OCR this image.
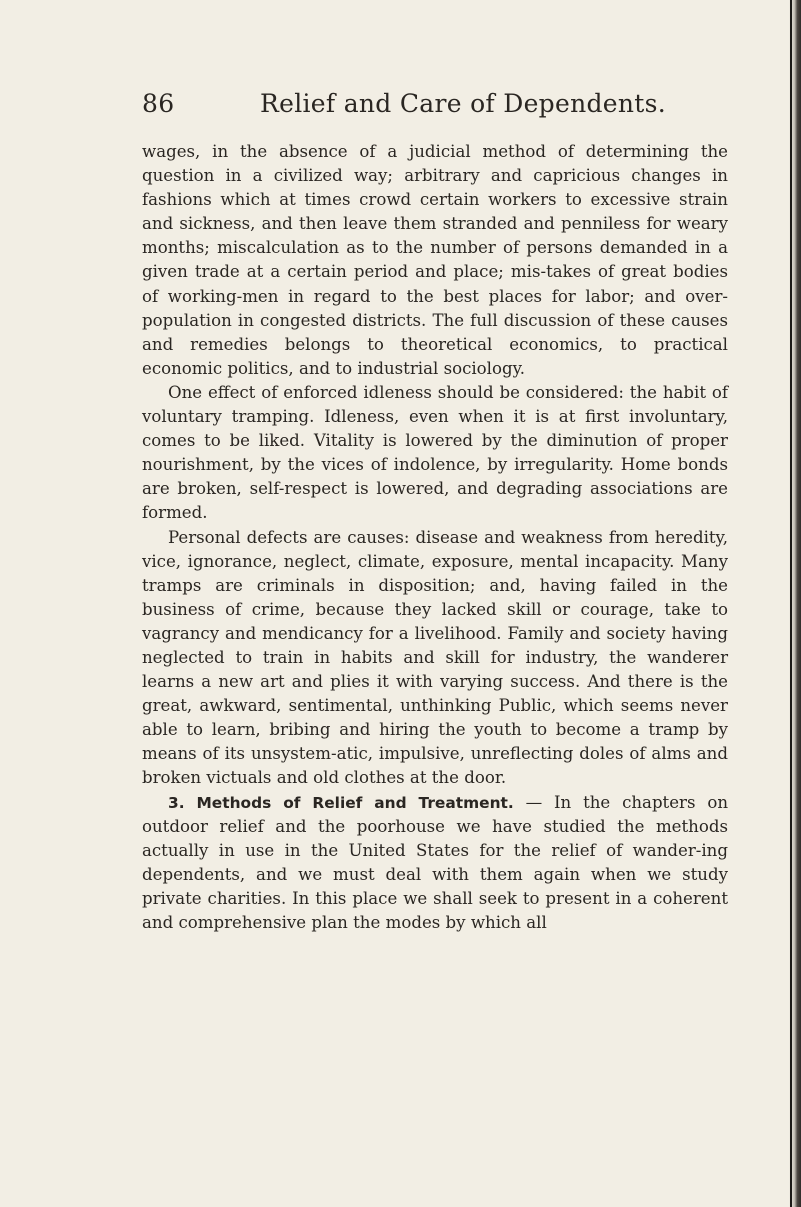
86	Relief and Care of Dependents.

wages, in the absence of a judicial method of determining the question in a civilized way; arbitrary and capricious changes in fashions which at times crowd certain workers to excessive strain and sickness, and then leave them stranded and penniless for weary months; miscalculation as to the number of persons demanded in a given trade at a certain period and place; mis-takes of great bodies of working-men in regard to the best places for labor; and over-population in congested districts. The full discussion of these causes and remedies belongs to theoretical economics, to practical economic politics, and to industrial sociology.

One effect of enforced idleness should be considered: the habit of voluntary tramping. Idleness, even when it is at first involuntary, comes to be liked. Vitality is lowered by the diminution of proper nourishment, by the vices of indolence, by irregularity. Home bonds are broken, self-respect is lowered, and degrading associations are formed.

Personal defects are causes: disease and weakness from heredity, vice, ignorance, neglect, climate, exposure, mental incapacity. Many tramps are criminals in disposition; and, having failed in the business of crime, because they lacked skill or courage, take to vagrancy and mendicancy for a livelihood. Family and society having neglected to train in habits and skill for industry, the wanderer learns a new art and plies it with varying success. And there is the great, awkward, sentimental, unthinking Public, which seems never able to learn, bribing and hiring the youth to become a tramp by means of its unsystem-atic, impulsive, unreflecting doles of alms and broken victuals and old clothes at the door.

3. Methods of Relief and Treatment. — In the chapters on outdoor relief and the poorhouse we have studied the methods actually in use in the United States for the relief of wander-ing dependents, and we must deal with them again when we study private charities. In this place we shall seek to present in a coherent and comprehensive plan the modes by which all
